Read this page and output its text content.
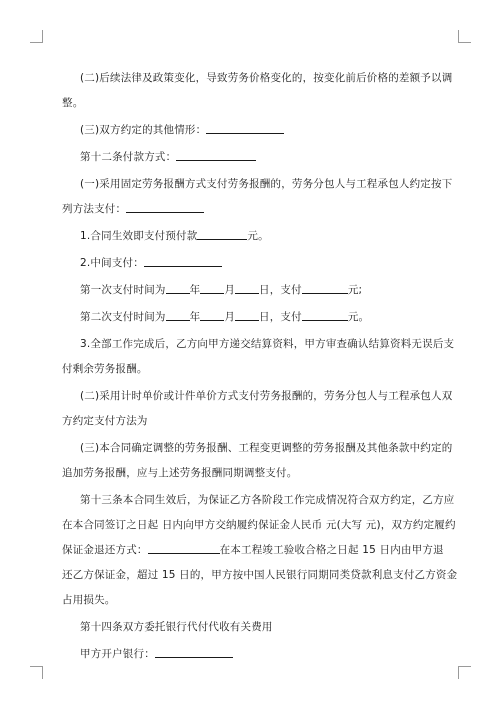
(二)后续法律及政策变化，导致劳务价格变化的，按变化前后价格的差额予以调

整。

(三)双方约定的其他情形：

第十二条付款方式：

(一)采用固定劳务报酬方式支付劳务报酬的，劳务分包人与工程承包人约定按下

列方法支付：

1.合同生效即支付预付款	元。

2.中间支付：

第一次支付时间为 年 月 日，支付	元;

第二次支付时间为 年 月 日，支付	元。

3.全部工作完成后，乙方向甲方递交结算资料，甲方审查确认结算资料无误后支

付剩余劳务报酬。

(二)采用计时单价或计件单价方式支付劳务报酬的，劳务分包人与工程承包人双

方约定支付方法为

(三)本合同确定调整的劳务报酬、工程变更调整的劳务报酬及其他条款中约定的

追加劳务报酬，应与上述劳务报酬同期调整支付。

第十三条本合同生效后，为保证乙方各阶段工作完成情况符合双方约定，乙方应

在本合同签订之日起 日内向甲方交纳履约保证金人民币 元(大写 元)，双方约定履约

保证金退还方式：	在本工程竣工验收合格之日起 15 日内由甲方退

还乙方保证金，超过 15 日的，甲方按中国人民银行同期同类贷款利息支付乙方资金

占用损失。

第十四条双方委托银行代付代收有关费用

甲方开户银行：
